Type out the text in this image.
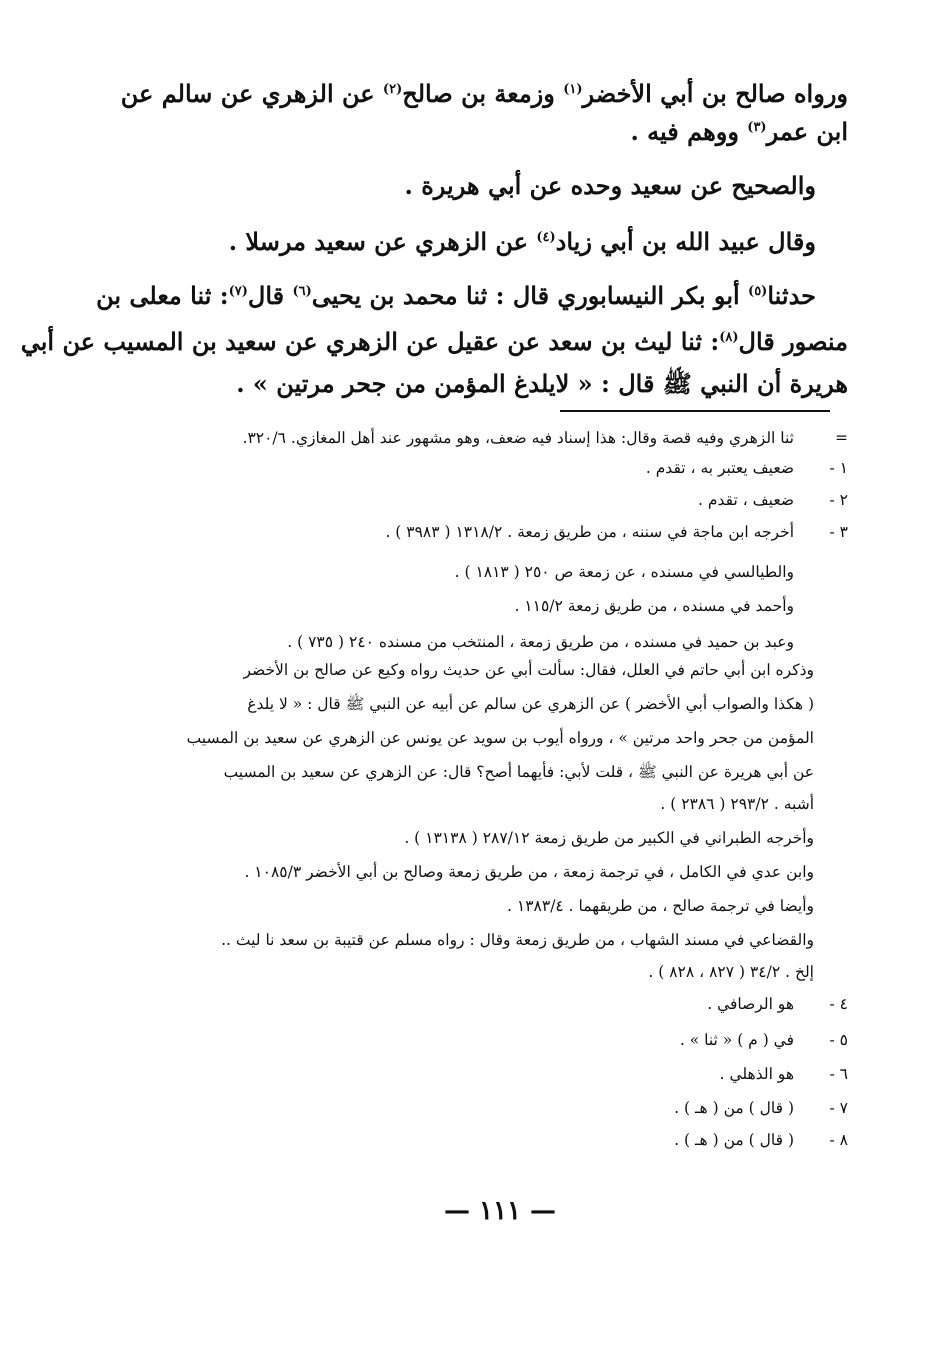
ورواه صالح بن أبي الأخضر$^{(١)}$ وزمعة بن صالح$^{(٢)}$ عن الزهري عن سالم عن
ابن عمر$^{(٣)}$ ووهم فيه .
والصحيح عن سعيد وحده عن أبي هريرة .
وقال عبيد الله بن أبي زياد$^{(٤)}$ عن الزهري عن سعيد مرسلا .
حدثنا$^{(٥)}$ أبو بكر النيسابوري قال : ثنا محمد بن يحيى$^{(٦)}$ قال$^{(٧)}$: ثنا معلى بن
منصور قال$^{(٨)}$: ثنا ليث بن سعد عن عقيل عن الزهري عن سعيد بن المسيب عن أبي
هريرة أن النبي ﷺ قال : « لايلدغ المؤمن من جحر مرتين » .
=
ثنا الزهري وفيه قصة وقال: هذا إسناد فيه ضعف، وهو مشهور عند أهل المغازي. ٣٢٠/٦.
١ -
ضعيف يعتبر به ، تقدم .
٢ -
ضعيف ، تقدم .
٣ -
أخرجه ابن ماجة في سننه ، من طريق زمعة . ١٣١٨/٢ ( ٣٩٨٣ ) .
والطيالسي في مسنده ، عن زمعة ص ٢٥٠ ( ١٨١٣ ) .
وأحمد في مسنده ، من طريق زمعة ١١٥/٢ .
وعبد بن حميد في مسنده ، من طريق زمعة ، المنتخب من مسنده ٢٤٠ ( ٧٣٥ ) .
وذكره ابن أبي حاتم في العلل، فقال: سألت أبي عن حديث رواه وكيع عن صالح بن الأخضر
( هكذا والصواب أبي الأخضر ) عن الزهري عن سالم عن أبيه عن النبي ﷺ قال : « لا يلدغ
المؤمن من جحر واحد مرتين » ، ورواه أيوب بن سويد عن يونس عن الزهري عن سعيد بن المسيب
عن أبي هريرة عن النبي ﷺ ، قلت لأبي: فأيهما أصح؟ قال: عن الزهري عن سعيد بن المسيب
أشبه . ٢٩٣/٢ ( ٢٣٨٦ ) .
وأخرجه الطبراني في الكبير من طريق زمعة ٢٨٧/١٢ ( ١٣١٣٨ ) .
وابن عدي في الكامل ، في ترجمة زمعة ، من طريق زمعة وصالح بن أبي الأخضر ١٠٨٥/٣ .
وأيضا في ترجمة صالح ، من طريقهما . ١٣٨٣/٤ .
والقضاعي في مسند الشهاب ، من طريق زمعة وقال : رواه مسلم عن قتيبة بن سعد نا ليث ..
إلخ . ٣٤/٢ ( ٨٢٧ ، ٨٢٨ ) .
٤ -
هو الرصافي .
٥ -
في ( م ) « ثنا » .
٦ -
هو الذهلي .
٧ -
( قال ) من ( هـ ) .
٨ -
( قال ) من ( هـ ) .
— ١١١ —
